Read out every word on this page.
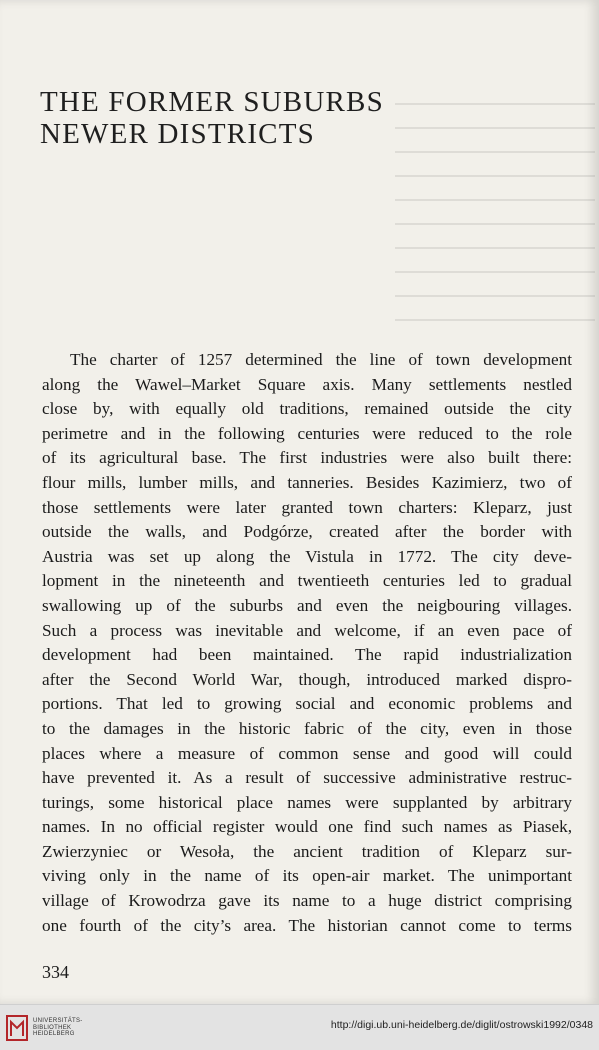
THE FORMER SUBURBS
NEWER DISTRICTS
The charter of 1257 determined the line of town development
along the Wawel–Market Square axis. Many settlements nestled
close by, with equally old traditions, remained outside the city
perimetre and in the following centuries were reduced to the role
of its agricultural base. The first industries were also built there:
flour mills, lumber mills, and tanneries. Besides Kazimierz, two of
those settlements were later granted town charters: Kleparz, just
outside the walls, and Podgórze, created after the border with
Austria was set up along the Vistula in 1772. The city deve-
lopment in the nineteenth and twentieeth centuries led to gradual
swallowing up of the suburbs and even the neigbouring villages.
Such a process was inevitable and welcome, if an even pace of
development had been maintained. The rapid industrialization
after the Second World War, though, introduced marked dispro-
portions. That led to growing social and economic problems and
to the damages in the historic fabric of the city, even in those
places where a measure of common sense and good will could
have prevented it. As a result of successive administrative restruc-
turings, some historical place names were supplanted by arbitrary
names. In no official register would one find such names as Piasek,
Zwierzyniec or Wesoła, the ancient tradition of Kleparz sur-
viving only in the name of its open-air market. The unimportant
village of Krowodrza gave its name to a huge district comprising
one fourth of the city’s area. The historian cannot come to terms
334
UNIVERSITÄTS-
BIBLIOTHEK
HEIDELBERG
http://digi.ub.uni-heidelberg.de/diglit/ostrowski1992/0348
